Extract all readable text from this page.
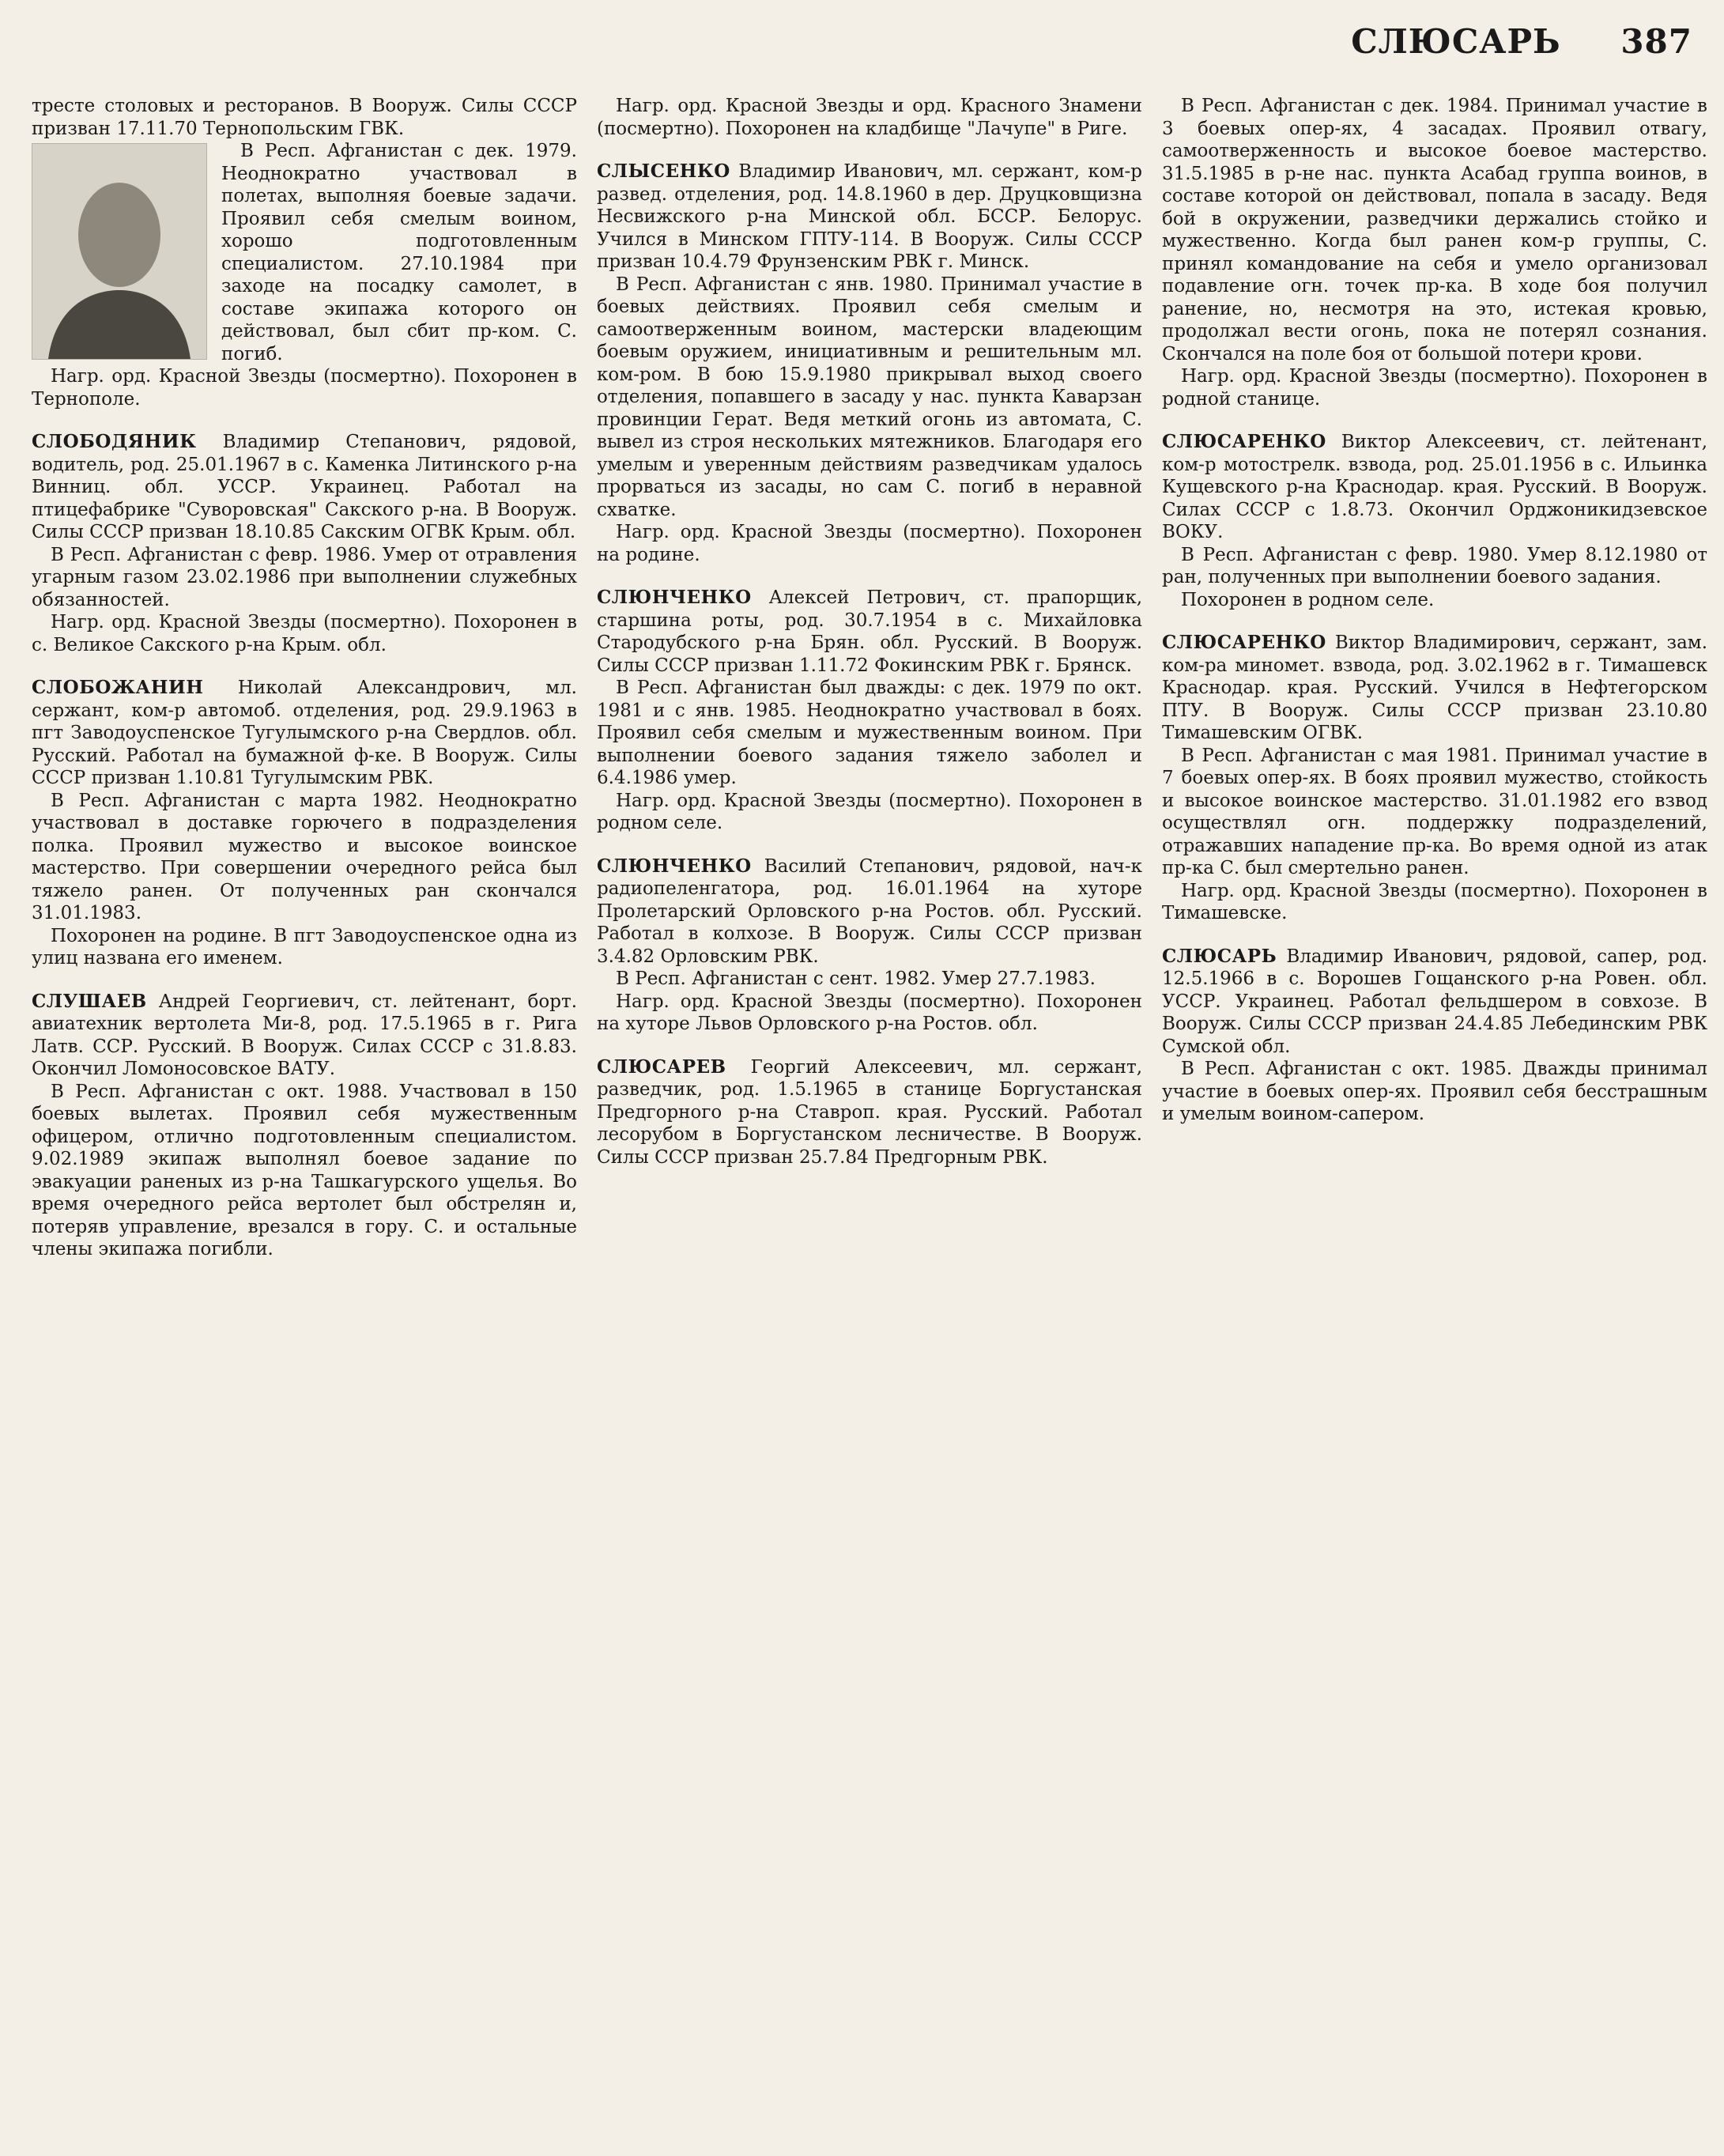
СЛЮСАРЬ 387

тресте столовых и ресторанов. В Вооруж. Силы СССР призван 17.11.70 Тернопольским ГВК.

В Респ. Афганистан с дек. 1979. Неоднократно участвовал в полетах, выполняя боевые задачи. Проявил себя смелым воином, хорошо подготовленным специалистом. 27.10.1984 при заходе на посадку самолет, в составе экипажа которого он действовал, был сбит пр-ком. С. погиб.

Нагр. орд. Красной Звезды (посмертно). Похоронен в Тернополе.

СЛОБОДЯНИК Владимир Степанович, рядовой, водитель, род. 25.01.1967 в с. Каменка Литинского р-на Винниц. обл. УССР. Украинец. Работал на птицефабрике "Суворовская" Сакского р-на. В Вооруж. Силы СССР призван 18.10.85 Сакским ОГВК Крым. обл.

В Респ. Афганистан с февр. 1986. Умер от отравления угарным газом 23.02.1986 при выполнении служебных обязанностей.

Нагр. орд. Красной Звезды (посмертно). Похоронен в с. Великое Сакского р-на Крым. обл.

СЛОБОЖАНИН Николай Александрович, мл. сержант, ком-р автомоб. отделения, род. 29.9.1963 в пгт Заводоуспенское Тугулымского р-на Свердлов. обл. Русский. Работал на бумажной ф-ке. В Вооруж. Силы СССР призван 1.10.81 Тугулымским РВК.

В Респ. Афганистан с марта 1982. Неоднократно участвовал в доставке горючего в подразделения полка. Проявил мужество и высокое воинское мастерство. При совершении очередного рейса был тяжело ранен. От полученных ран скончался 31.01.1983.

Похоронен на родине. В пгт Заводоуспенское одна из улиц названа его именем.

СЛУШАЕВ Андрей Георгиевич, ст. лейтенант, борт. авиатехник вертолета Ми-8, род. 17.5.1965 в г. Рига Латв. ССР. Русский. В Вооруж. Силах СССР с 31.8.83. Окончил Ломоносовское ВАТУ.

В Респ. Афганистан с окт. 1988. Участвовал в 150 боевых вылетах. Проявил себя мужественным офицером, отлично подготовленным специалистом. 9.02.1989 экипаж выполнял боевое задание по эвакуации раненых из р-на Ташкагурского ущелья. Во время очередного рейса вертолет был обстрелян и, потеряв управление, врезался в гору. С. и остальные члены экипажа погибли.

Нагр. орд. Красной Звезды и орд. Красного Знамени (посмертно). Похоронен на кладбище "Лачупе" в Риге.

СЛЫСЕНКО Владимир Иванович, мл. сержант, ком-р развед. отделения, род. 14.8.1960 в дер. Друцковщизна Несвижского р-на Минской обл. БССР. Белорус. Учился в Минском ГПТУ-114. В Вооруж. Силы СССР призван 10.4.79 Фрунзенским РВК г. Минск.

В Респ. Афганистан с янв. 1980. Принимал участие в боевых действиях. Проявил себя смелым и самоотверженным воином, мастерски владеющим боевым оружием, инициативным и решительным мл. ком-ром. В бою 15.9.1980 прикрывал выход своего отделения, попавшего в засаду у нас. пункта Каварзан провинции Герат. Ведя меткий огонь из автомата, С. вывел из строя нескольких мятежников. Благодаря его умелым и уверенным действиям разведчикам удалось прорваться из засады, но сам С. погиб в неравной схватке.

Нагр. орд. Красной Звезды (посмертно). Похоронен на родине.

СЛЮНЧЕНКО Алексей Петрович, ст. прапорщик, старшина роты, род. 30.7.1954 в с. Михайловка Стародубского р-на Брян. обл. Русский. В Вооруж. Силы СССР призван 1.11.72 Фокинским РВК г. Брянск.

В Респ. Афганистан был дважды: с дек. 1979 по окт. 1981 и с янв. 1985. Неоднократно участвовал в боях. Проявил себя смелым и мужественным воином. При выполнении боевого задания тяжело заболел и 6.4.1986 умер.

Нагр. орд. Красной Звезды (посмертно). Похоронен в родном селе.

СЛЮНЧЕНКО Василий Степанович, рядовой, нач-к радиопеленгатора, род. 16.01.1964 на хуторе Пролетарский Орловского р-на Ростов. обл. Русский. Работал в колхозе. В Вооруж. Силы СССР призван 3.4.82 Орловским РВК.

В Респ. Афганистан с сент. 1982. Умер 27.7.1983.

Нагр. орд. Красной Звезды (посмертно). Похоронен на хуторе Львов Орловского р-на Ростов. обл.

СЛЮСАРЕВ Георгий Алексеевич, мл. сержант, разведчик, род. 1.5.1965 в станице Боргустанская Предгорного р-на Ставроп. края. Русский. Работал лесорубом в Боргустанском лесничестве. В Вооруж. Силы СССР призван 25.7.84 Предгорным РВК.

В Респ. Афганистан с дек. 1984. Принимал участие в 3 боевых опер-ях, 4 засадах. Проявил отвагу, самоотверженность и высокое боевое мастерство. 31.5.1985 в р-не нас. пункта Асабад группа воинов, в составе которой он действовал, попала в засаду. Ведя бой в окружении, разведчики держались стойко и мужественно. Когда был ранен ком-р группы, С. принял командование на себя и умело организовал подавление огн. точек пр-ка. В ходе боя получил ранение, но, несмотря на это, истекая кровью, продолжал вести огонь, пока не потерял сознания. Скончался на поле боя от большой потери крови.

Нагр. орд. Красной Звезды (посмертно). Похоронен в родной станице.

СЛЮСАРЕНКО Виктор Алексеевич, ст. лейтенант, ком-р мотострелк. взвода, род. 25.01.1956 в с. Ильинка Кущевского р-на Краснодар. края. Русский. В Вооруж. Силах СССР с 1.8.73. Окончил Орджоникидзевское ВОКУ.

В Респ. Афганистан с февр. 1980. Умер 8.12.1980 от ран, полученных при выполнении боевого задания.

Похоронен в родном селе.

СЛЮСАРЕНКО Виктор Владимирович, сержант, зам. ком-ра миномет. взвода, род. 3.02.1962 в г. Тимашевск Краснодар. края. Русский. Учился в Нефтегорском ПТУ. В Вооруж. Силы СССР призван 23.10.80 Тимашевским ОГВК.

В Респ. Афганистан с мая 1981. Принимал участие в 7 боевых опер-ях. В боях проявил мужество, стойкость и высокое воинское мастерство. 31.01.1982 его взвод осуществлял огн. поддержку подразделений, отражавших нападение пр-ка. Во время одной из атак пр-ка С. был смертельно ранен.

Нагр. орд. Красной Звезды (посмертно). Похоронен в Тимашевске.

СЛЮСАРЬ Владимир Иванович, рядовой, сапер, род. 12.5.1966 в с. Ворошев Гощанского р-на Ровен. обл. УССР. Украинец. Работал фельдшером в совхозе. В Вооруж. Силы СССР призван 24.4.85 Лебединским РВК Сумской обл.

В Респ. Афганистан с окт. 1985. Дважды принимал участие в боевых опер-ях. Проявил себя бесстрашным и умелым воином-сапером.
